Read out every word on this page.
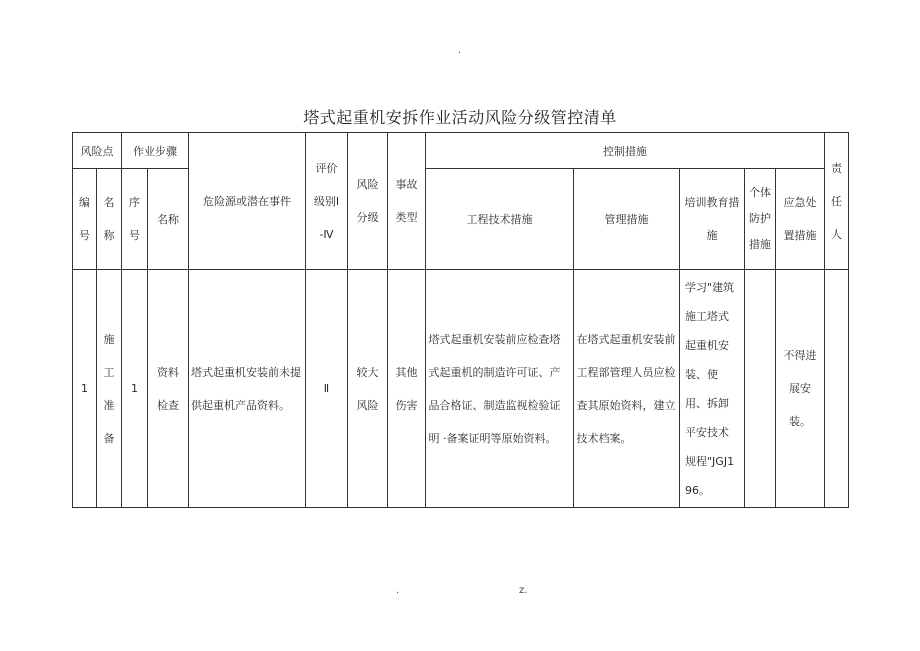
.
塔式起重机安拆作业活动风险分级管控清单
风险点		作业步骤		危险源或潜在事件	评价级别Ⅰ-Ⅳ	风险分级	事故类型	控制措施					责任人
编号	名称	序号	名称					工程技术措施	管理措施	培训教育措施	个体防护措施	应急处置措施	
1	施工准备	1	资料检查	塔式起重机安装前未提供起重机产品资料。	Ⅱ	较大风险	其他伤害	塔式起重机安装前应检查塔式起重机的制造许可证、产品合格证、制造监视检验证明 ·备案证明等原始资料。	在塔式起重机安装前工程部管理人员应检查其原始资料，建立技术档案。	学习"建筑施工塔式起重机安装、使用、拆卸平安技术规程"JGJ196。		不得进展安装。	
.	z.
